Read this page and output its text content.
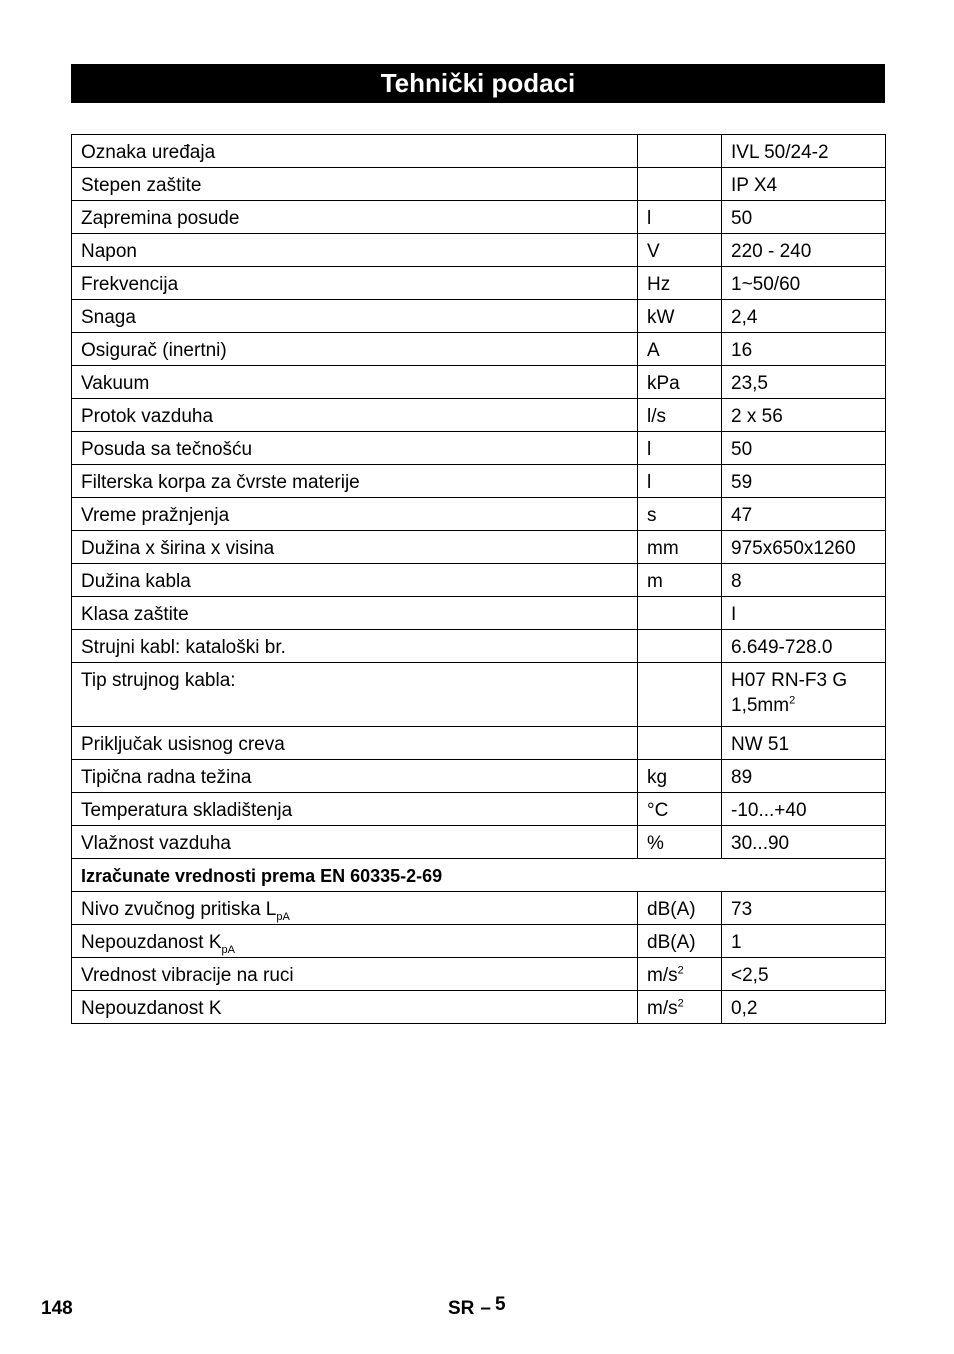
Tehnički podaci
Oznaka uređaja		IVL 50/24-2
Stepen zaštite		IP X4
Zapremina posude	l	50
Napon	V	220 - 240
Frekvencija	Hz	1~50/60
Snaga	kW	2,4
Osigurač (inertni)	A	16
Vakuum	kPa	23,5
Protok vazduha	l/s	2 x 56
Posuda sa tečnošću	l	50
Filterska korpa za čvrste materije	l	59
Vreme pražnjenja	s	47
Dužina x širina x visina	mm	975x650x1260
Dužina kabla	m	8
Klasa zaštite		I
Strujni kabl: kataloški br.		6.649-728.0
Tip strujnog kabla:		H07 RN-F3 G
$1,5mm^2$

Priključak usisnog creva		NW 51
Tipična radna težina	kg	89
Temperatura skladištenja	°C	-10...+40
Vlažnost vazduha	%	30...90
Izračunate vrednosti prema EN 60335-2-69		
Nivo zvučnog pritiska $L_{pA}$	dB(A)	73
Nepouzdanost $K_{pA}$	dB(A)	1
Vrednost vibracije na ruci	$m/s^2$	<2,5
Nepouzdanost K	$m/s^2$	0,2
148	SR – 5
